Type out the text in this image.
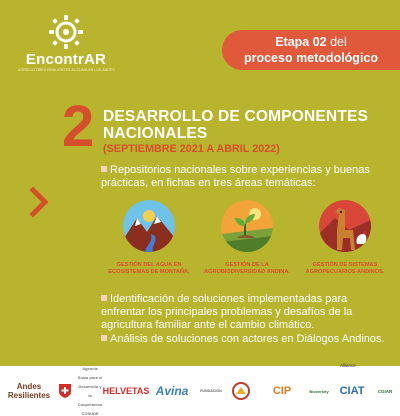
EncontrAR
AGRICULTORES RESILIENTES AL CLIMA EN LOS ANDES
Etapa 02 del
proceso metodológico
2 DESARROLLO DE COMPONENTES NACIONALES
(SEPTIEMBRE 2021 A ABRIL 2022)
Repositorios nacionales sobre experiencias y buenas prácticas, en fichas en tres áreas temáticas:
GESTIÓN DEL AGUA EN ECOSISTEMAS DE MONTAÑA.
GESTIÓN DE LA AGROBIODIVERSIDAD ANDINA.
GESTIÓN DE SISTEMAS AGROPECUARIOS ANDINOS.
Identificación de soluciones implementadas para enfrentar los principales problemas y desafíos de la agricultura familiar ante el cambio climático.
Análisis de soluciones con actores en Diálogos Andinos.
Andes Resilientes
Agencia Suiza para el Desarrollo y la Cooperación COSUDE
HELVETAS Avina	FUNDACIÓN	CIP	Bioversity CIAT	CGIAR
Alliance
